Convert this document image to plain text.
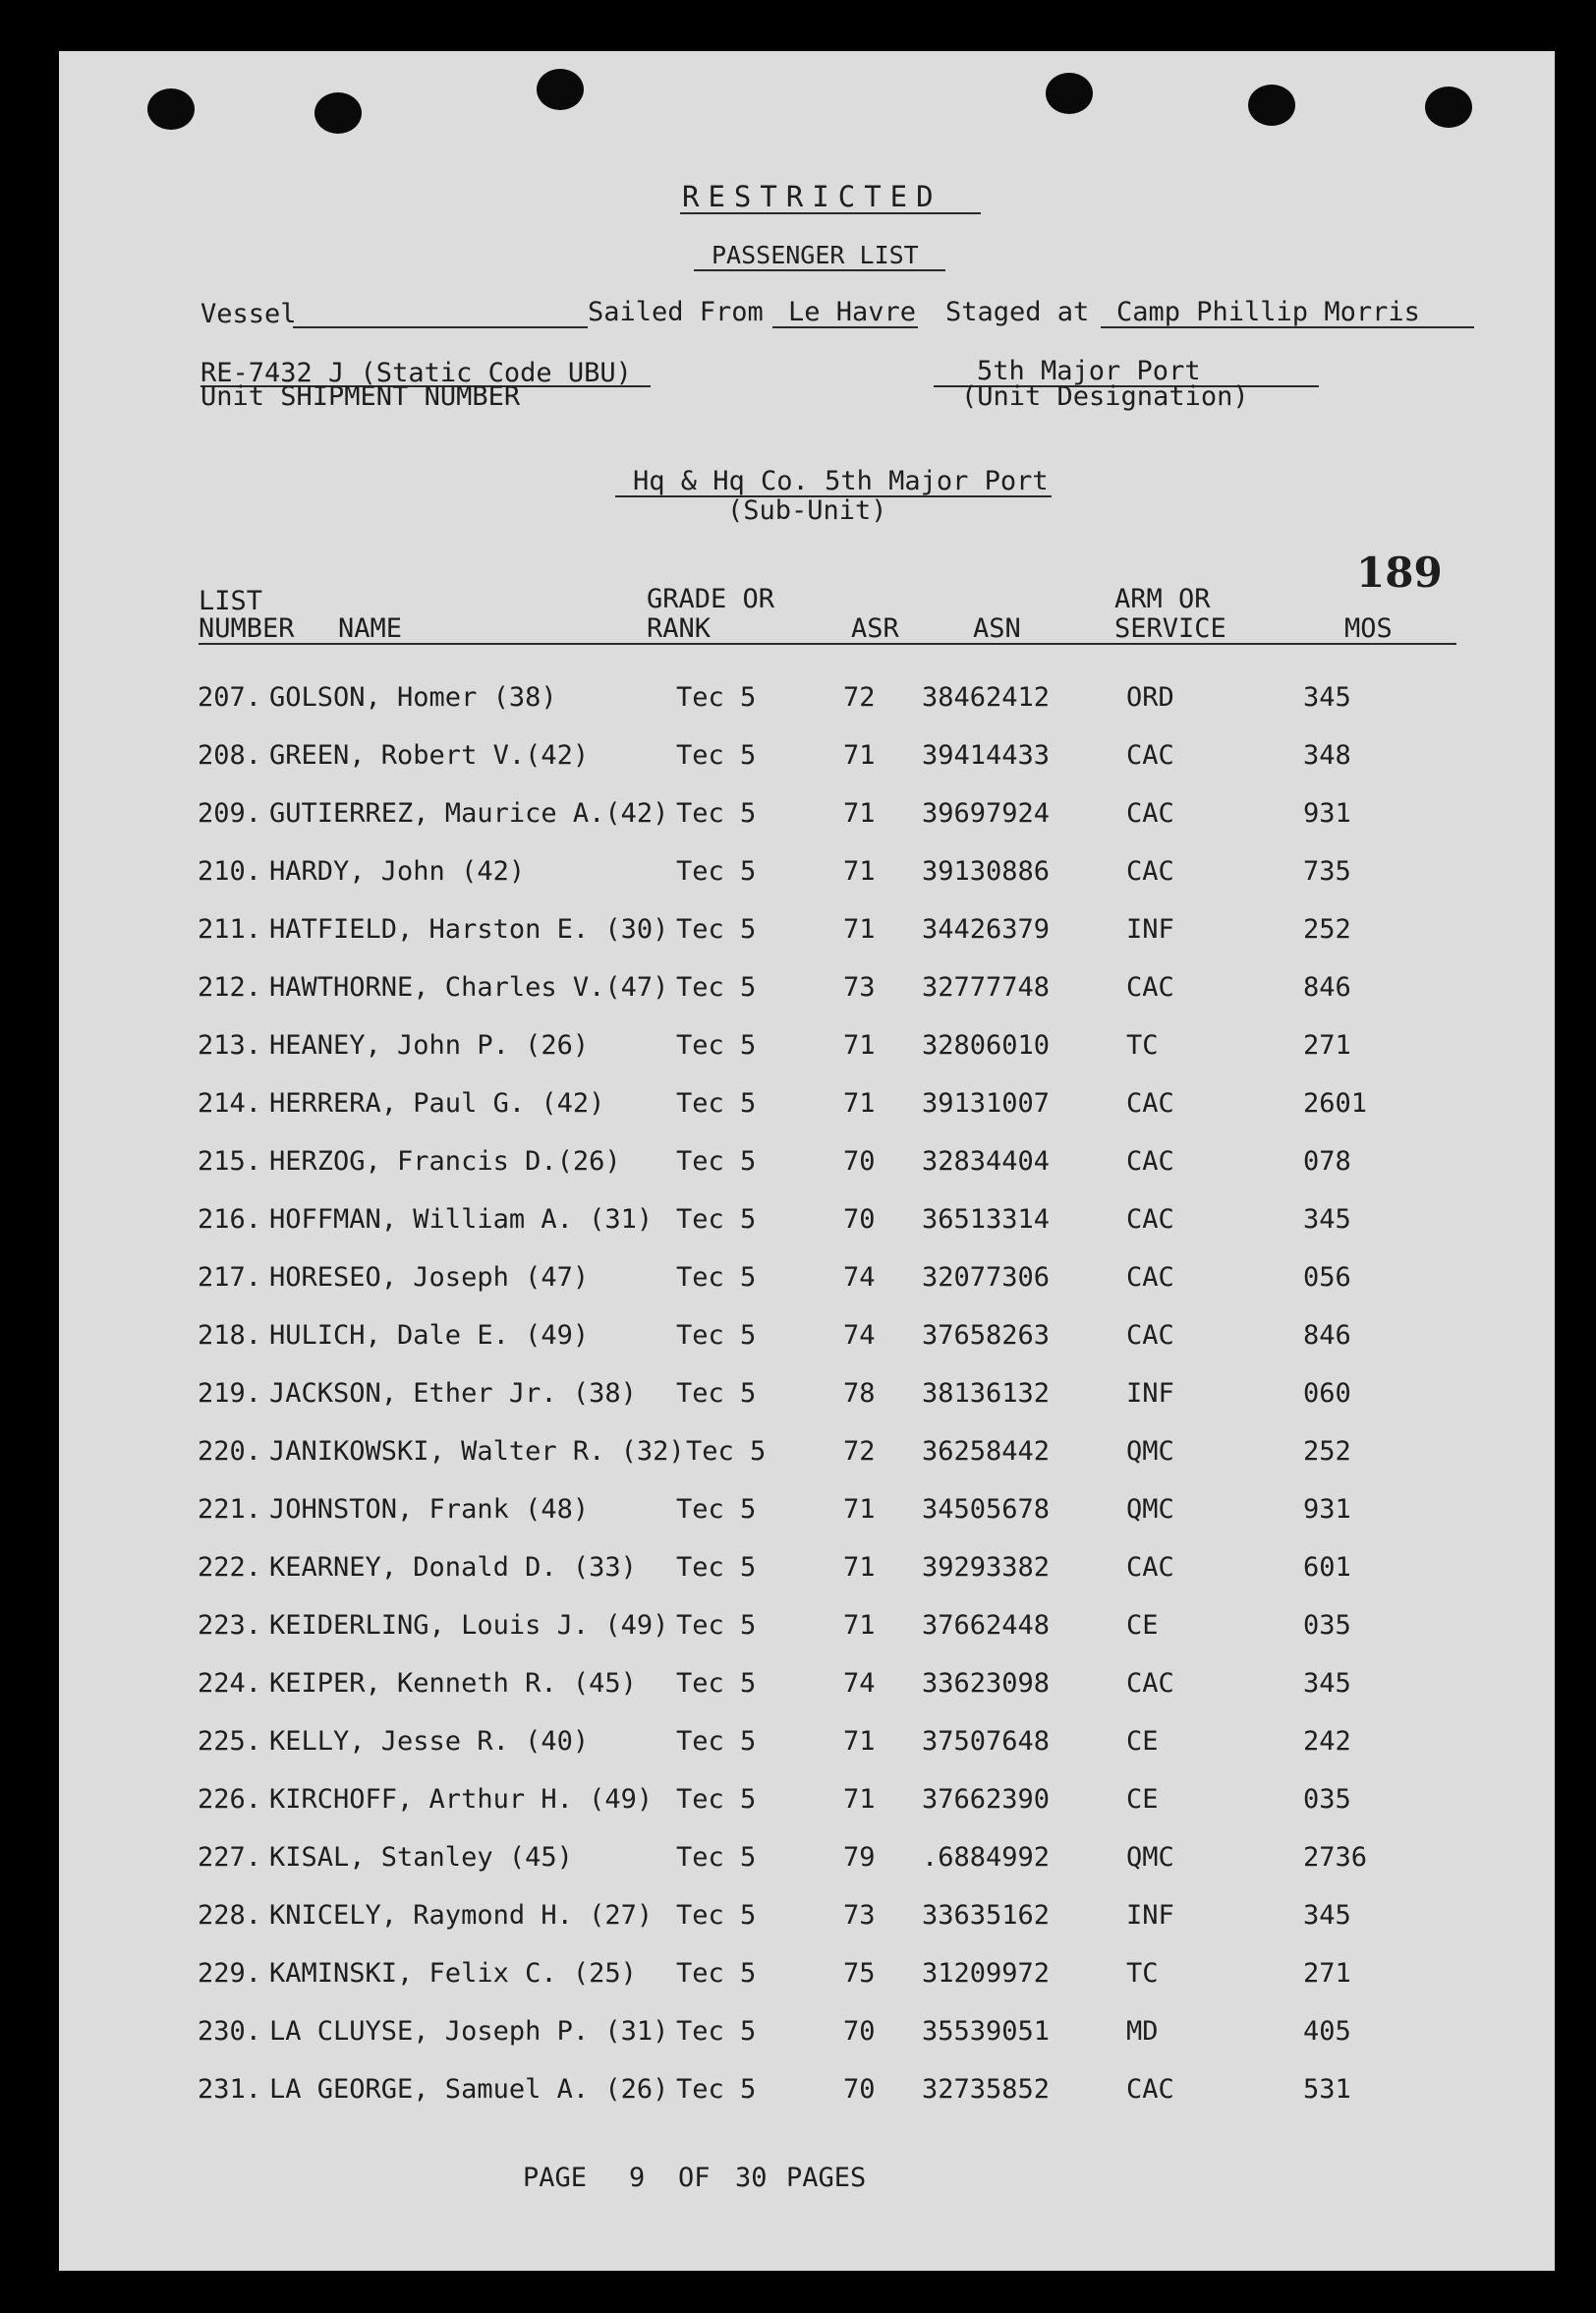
RESTRICTED
PASSENGER LIST
Vessel	Sailed From Le Havre Staged at Camp Phillip Morris
RE-7432 J (Static Code UBU)
Unit SHIPMENT NUMBER
5th Major Port
(Unit Designation)
Hq & Hq Co. 5th Major Port
(Sub-Unit)
189
LIST
NUMBER NAME
GRADE OR
RANK	ASR	ASN
ARM OR
SERVICE	MOS
207. GOLSON, Homer (38)	Tec 5	72 38462412	ORD	345
208. GREEN, Robert V.(42)	Tec 5	71 39414433	CAC	348
209. GUTIERREZ, Maurice A.(42) Tec 5	71 39697924	CAC	931
210. HARDY, John (42)	Tec 5	71 39130886	CAC	735
211. HATFIELD, Harston E. (30) Tec 5	71 34426379	INF	252
212. HAWTHORNE, Charles V.(47) Tec 5	73 32777748	CAC	846
213. HEANEY, John P. (26)	Tec 5	71 32806010	TC	271
214. HERRERA, Paul G. (42)	Tec 5	71 39131007	CAC	2601
215. HERZOG, Francis D.(26) Tec 5	70 32834404	CAC	078
216. HOFFMAN, William A. (31) Tec 5	70 36513314	CAC	345
217. HORESEO, Joseph (47)	Tec 5	74 32077306	CAC	056
218. HULICH, Dale E. (49)	Tec 5	74 37658263	CAC	846
219. JACKSON, Ether Jr. (38) Tec 5	78 38136132	INF	060
220. JANIKOWSKI, Walter R. (32) Tec 5	72 36258442	QMC	252
221. JOHNSTON, Frank (48)	Tec 5	71 34505678	QMC	931
222. KEARNEY, Donald D. (33) Tec 5	71 39293382	CAC	601
223. KEIDERLING, Louis J. (49) Tec 5	71 37662448	CE	035
224. KEIPER, Kenneth R. (45) Tec 5	74 33623098	CAC	345
225. KELLY, Jesse R. (40)	Tec 5	71 37507648	CE	242
226. KIRCHOFF, Arthur H. (49) Tec 5	71 37662390	CE	035
227. KISAL, Stanley (45)	Tec 5	79 .6884992	QMC	2736
228. KNICELY, Raymond H. (27) Tec 5	73 33635162	INF	345
229. KAMINSKI, Felix C. (25) Tec 5	75 31209972	TC	271
230. LA CLUYSE, Joseph P. (31) Tec 5	70 35539051	MD	405
231. LA GEORGE, Samuel A. (26) Tec 5	70 32735852	CAC	531
PAGE 9 OF 30 PAGES
